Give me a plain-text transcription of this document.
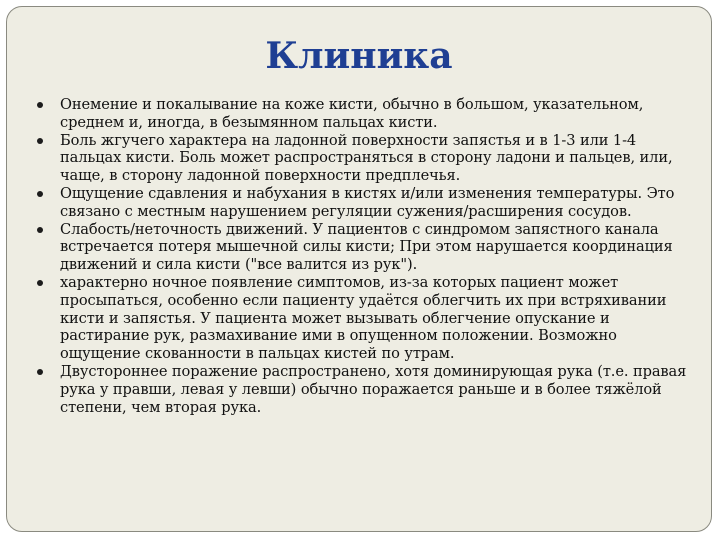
Клиника
Онемение и покалывание на коже кисти, обычно в большом, указательном, среднем и, иногда, в безымянном пальцах кисти.
Боль жгучего характера на ладонной поверхности запястья и в 1-3 или 1-4 пальцах кисти. Боль может распространяться в сторону ладони и пальцев, или, чаще, в сторону ладонной поверхности предплечья.
Ощущение сдавления и набухания в кистях и/или изменения температуры. Это связано с местным нарушением регуляции сужения/расширения сосудов.
Слабость/неточность движений. У пациентов с синдромом запястного канала встречается потеря мышечной силы кисти; При этом нарушается координация движений и сила кисти ("все валится из рук").
характерно ночное появление симптомов, из-за которых пациент может просыпаться, особенно если пациенту удаётся облегчить их при встряхивании кисти и запястья. У пациента может вызывать облегчение опускание и растирание рук, размахивание ими в опущенном положении. Возможно ощущение скованности в пальцах кистей по утрам.
Двустороннее поражение распространено, хотя доминирующая рука (т.е. правая рука у правши, левая у левши) обычно поражается раньше и в более тяжёлой степени, чем вторая рука.
